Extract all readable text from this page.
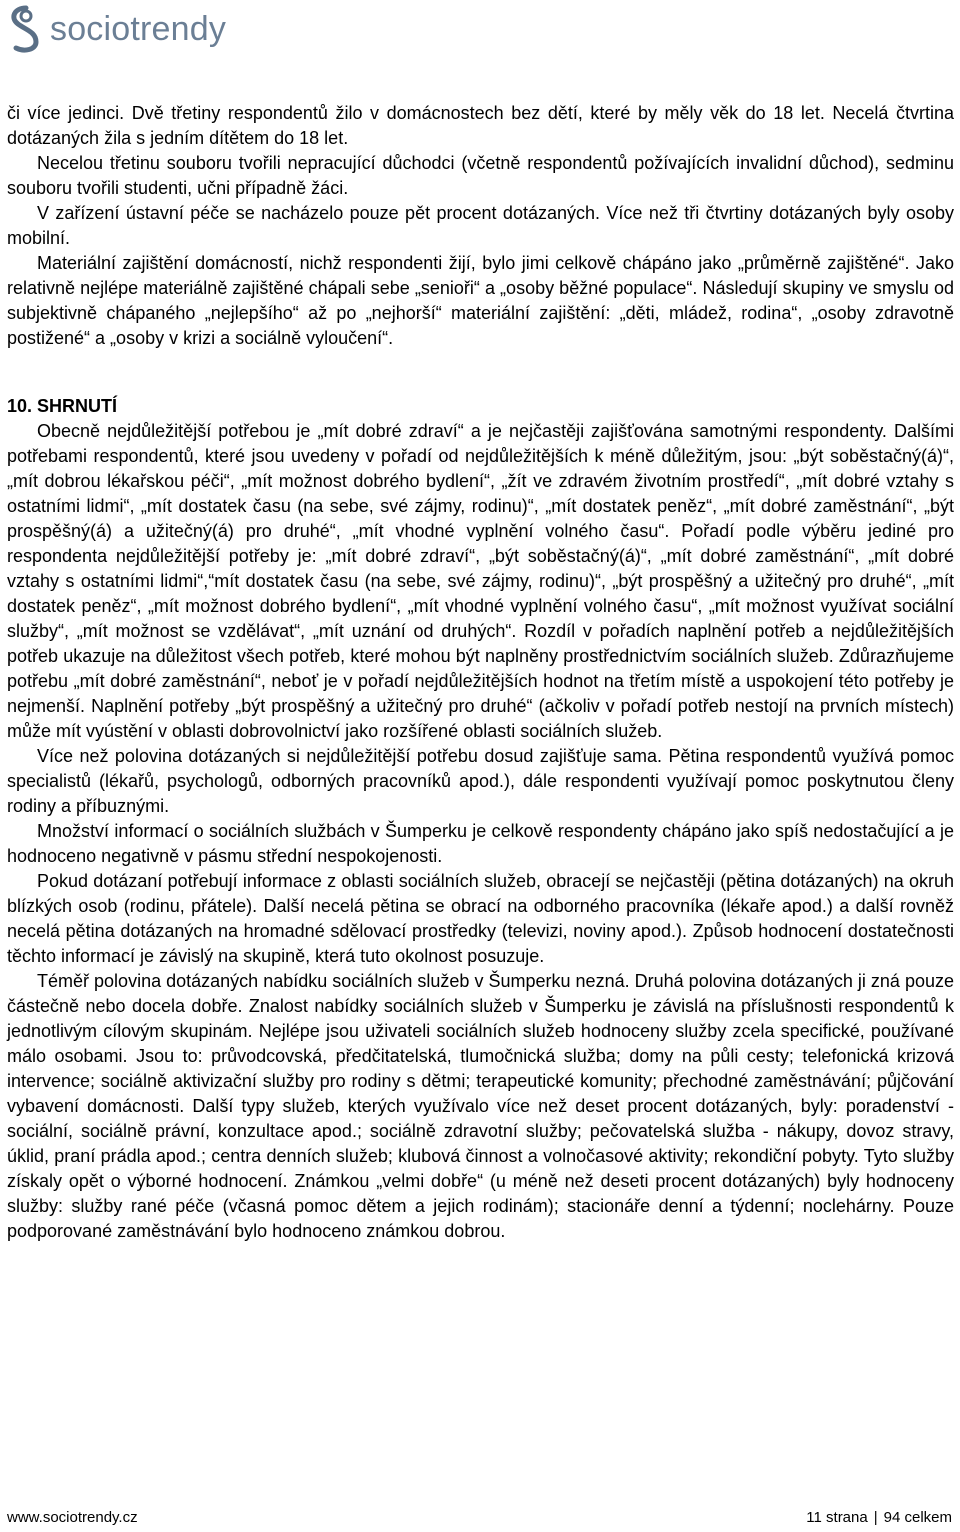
sociotrendy

či více jedinci. Dvě třetiny respondentů žilo v domácnostech bez dětí, které by měly věk do 18 let. Necelá čtvrtina dotázaných žila s jedním dítětem do 18 let.

Necelou třetinu souboru tvořili nepracující důchodci (včetně respondentů požívajících invalidní důchod), sedminu souboru tvořili studenti, učni případně žáci.

V zařízení ústavní péče se nacházelo pouze pět procent dotázaných. Více než tři čtvrtiny dotázaných byly osoby mobilní.

Materiální zajištění domácností, nichž respondenti žijí, bylo jimi celkově chápáno jako „průměrně zajištěné“. Jako relativně nejlépe materiálně zajištěné chápali sebe „senioři“ a „osoby běžné populace“. Následují skupiny ve smyslu od subjektivně chápaného „nejlepšího“ až po „nejhorší“ materiální zajištění: „děti, mládež, rodina“, „osoby zdravotně postižené“ a „osoby v krizi a sociálně vyloučení“.

10. SHRNUTÍ

Obecně nejdůležitější potřebou je „mít dobré zdraví“ a je nejčastěji zajišťována samotnými respondenty. Dalšími potřebami respondentů, které jsou uvedeny v pořadí od nejdůležitějších k méně důležitým, jsou: „být soběstačný(á)“, „mít dobrou lékařskou péči“, „mít možnost dobrého bydlení“, „žít ve zdravém životním prostředí“, „mít dobré vztahy s ostatními lidmi“, „mít dostatek času (na sebe, své zájmy, rodinu)“, „mít dostatek peněz“, „mít dobré zaměstnání“, „být prospěšný(á) a užitečný(á) pro druhé“, „mít vhodné vyplnění volného času“. Pořadí podle výběru jediné pro respondenta nejdůležitější potřeby je: „mít dobré zdraví“, „být soběstačný(á)“, „mít dobré zaměstnání“, „mít dobré vztahy s ostatními lidmi“,“mít dostatek času (na sebe, své zájmy, rodinu)“, „být prospěšný a užitečný pro druhé“, „mít dostatek peněz“, „mít možnost dobrého bydlení“, „mít vhodné vyplnění volného času“, „mít možnost využívat sociální služby“, „mít možnost se vzdělávat“, „mít uznání od druhých“. Rozdíl v pořadích naplnění potřeb a nejdůležitějších potřeb ukazuje na důležitost všech potřeb, které mohou být naplněny prostřednictvím sociálních služeb. Zdůrazňujeme potřebu „mít dobré zaměstnání“, neboť je v pořadí nejdůležitějších hodnot na třetím místě a uspokojení této potřeby je nejmenší. Naplnění potřeby „být prospěšný a užitečný pro druhé“ (ačkoliv v pořadí potřeb nestojí na prvních místech) může mít vyústění v oblasti dobrovolnictví jako rozšířené oblasti sociálních služeb.

Více než polovina dotázaných si nejdůležitější potřebu dosud zajišťuje sama. Pětina respondentů využívá pomoc specialistů (lékařů, psychologů, odborných pracovníků apod.), dále respondenti využívají pomoc poskytnutou členy rodiny a příbuznými.

Množství informací o sociálních službách v Šumperku je celkově respondenty chápáno jako spíš nedostačující a je hodnoceno negativně v pásmu střední nespokojenosti.

Pokud dotázaní potřebují informace z oblasti sociálních služeb, obracejí se nejčastěji (pětina dotázaných) na okruh blízkých osob (rodinu, přátele). Další necelá pětina se obrací na odborného pracovníka (lékaře apod.) a další rovněž necelá pětina dotázaných na hromadné sdělovací prostředky (televizi, noviny apod.). Způsob hodnocení dostatečnosti těchto informací je závislý na skupině, která tuto okolnost posuzuje.

Téměř polovina dotázaných nabídku sociálních služeb v Šumperku nezná. Druhá polovina dotázaných ji zná pouze částečně nebo docela dobře. Znalost nabídky sociálních služeb v Šumperku je závislá na příslušnosti respondentů k jednotlivým cílovým skupinám. Nejlépe jsou uživateli sociálních služeb hodnoceny služby zcela specifické, používané málo osobami. Jsou to: průvodcovská, předčitatelská, tlumočnická služba; domy na půli cesty; telefonická krizová intervence; sociálně aktivizační služby pro rodiny s dětmi; terapeutické komunity; přechodné zaměstnávání; půjčování vybavení domácnosti. Další typy služeb, kterých využívalo více než deset procent dotázaných, byly: poradenství - sociální, sociálně právní, konzultace apod.; sociálně zdravotní služby; pečovatelská služba - nákupy, dovoz stravy, úklid, praní prádla apod.; centra denních služeb; klubová činnost a volnočasové aktivity; rekondiční pobyty. Tyto služby získaly opět o výborné hodnocení. Známkou „velmi dobře“ (u méně než deseti procent dotázaných) byly hodnoceny služby: služby rané péče (včasná pomoc dětem a jejich rodinám); stacionáře denní a týdenní; noclehárny. Pouze podporované zaměstnávání bylo hodnoceno známkou dobrou.

www.sociotrendy.cz	11 strana | 94 celkem
